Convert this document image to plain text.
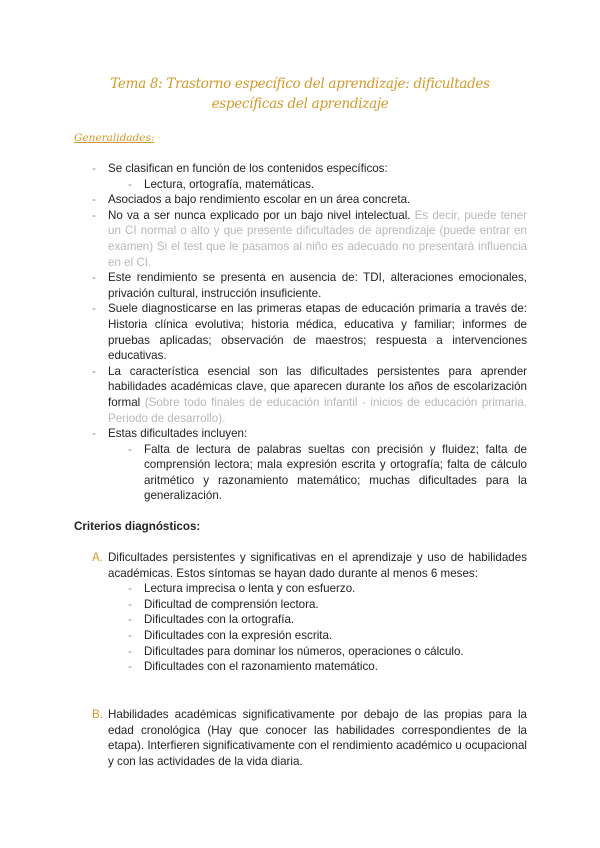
Tema 8: Trastorno específico del aprendizaje: dificultades específicas del aprendizaje
Generalidades:
- Se clasifican en función de los contenidos específicos:
- Lectura, ortografía, matemáticas.
- Asociados a bajo rendimiento escolar en un área concreta.
- No va a ser nunca explicado por un bajo nivel intelectual. Es decir, puede tener un CI normal o alto y que presente dificultades de aprendizaje (puede entrar en examen) Si el test que le pasamos al niño es adecuado no presentará influencia en el CI.
- Este rendimiento se presenta en ausencia de: TDI, alteraciones emocionales, privación cultural, instrucción insuficiente.
- Suele diagnosticarse en las primeras etapas de educación primaria a través de: Historia clínica evolutiva; historia médica, educativa y familiar; informes de pruebas aplicadas; observación de maestros; respuesta a intervenciones educativas.
- La característica esencial son las dificultades persistentes para aprender habilidades académicas clave, que aparecen durante los años de escolarización formal (Sobre todo finales de educación infantil - inicios de educación primaria. Periodo de desarrollo).
- Estas dificultades incluyen:
- Falta de lectura de palabras sueltas con precisión y fluidez; falta de comprensión lectora; mala expresión escrita y ortografía; falta de cálculo aritmético y razonamiento matemático; muchas dificultades para la generalización.
Criterios diagnósticos:
A. Dificultades persistentes y significativas en el aprendizaje y uso de habilidades académicas. Estos síntomas se hayan dado durante al menos 6 meses:
- Lectura imprecisa o lenta y con esfuerzo.
- Dificultad de comprensión lectora.
- Dificultades con la ortografía.
- Dificultades con la expresión escrita.
- Dificultades para dominar los números, operaciones o cálculo.
- Dificultades con el razonamiento matemático.
B. Habilidades académicas significativamente por debajo de las propias para la edad cronológica (Hay que conocer las habilidades correspondientes de la etapa). Interfieren significativamente con el rendimiento académico u ocupacional y con las actividades de la vida diaria.
